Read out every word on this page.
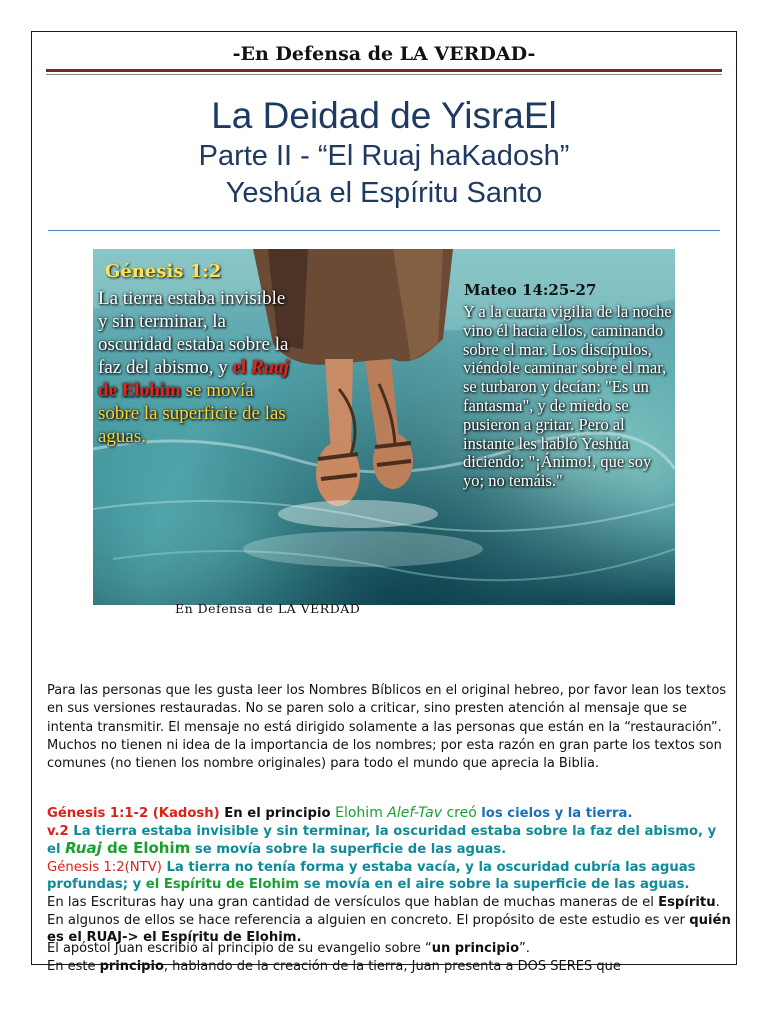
-En Defensa de LA VERDAD-
La Deidad de YisraEl
Parte II - “El Ruaj haKadosh”
Yeshúa el Espíritu Santo
Génesis 1:2
La tierra estaba invisible y sin terminar, la oscuridad estaba sobre la faz del abismo, y el Ruaj de Elohim se movía sobre la superficie de las aguas.
Mateo 14:25-27
Y a la cuarta vigilia de la noche vino él hacia ellos, caminando sobre el mar. Los discípulos, viéndole caminar sobre el mar, se turbaron y decían: "Es un fantasma", y de miedo se pusieron a gritar. Pero al instante les habló Yeshúa diciendo: "¡Ánimo!, que soy yo; no temáis."
En Defensa de LA VERDAD
Para las personas que les gusta leer los Nombres Bíblicos en el original hebreo, por favor lean los textos en sus versiones restauradas. No se paren solo a criticar, sino presten atención al mensaje que se intenta transmitir. El mensaje no está dirigido solamente a las personas que están en la “restauración”. Muchos no tienen ni idea de la importancia de los nombres; por esta razón en gran parte los textos son comunes (no tienen los nombre originales) para todo el mundo que aprecia la Biblia.
Génesis 1:1-2 (Kadosh) En el principio Elohim Alef-Tav creó los cielos y la tierra.
v.2 La tierra estaba invisible y sin terminar, la oscuridad estaba sobre la faz del abismo, y el Ruaj de Elohim se movía sobre la superficie de las aguas.
Génesis 1:2(NTV) La tierra no tenía forma y estaba vacía, y la oscuridad cubría las aguas profundas; y el Espíritu de Elohim se movía en el aire sobre la superficie de las aguas.
En las Escrituras hay una gran cantidad de versículos que hablan de muchas maneras de el Espíritu. En algunos de ellos se hace referencia a alguien en concreto. El propósito de este estudio es ver quién es el RUAJ-> el Espíritu de Elohim.
El apóstol Juan escribió al principio de su evangelio sobre “un principio”.
En este principio, hablando de la creación de la tierra, Juan presenta a DOS SERES que
